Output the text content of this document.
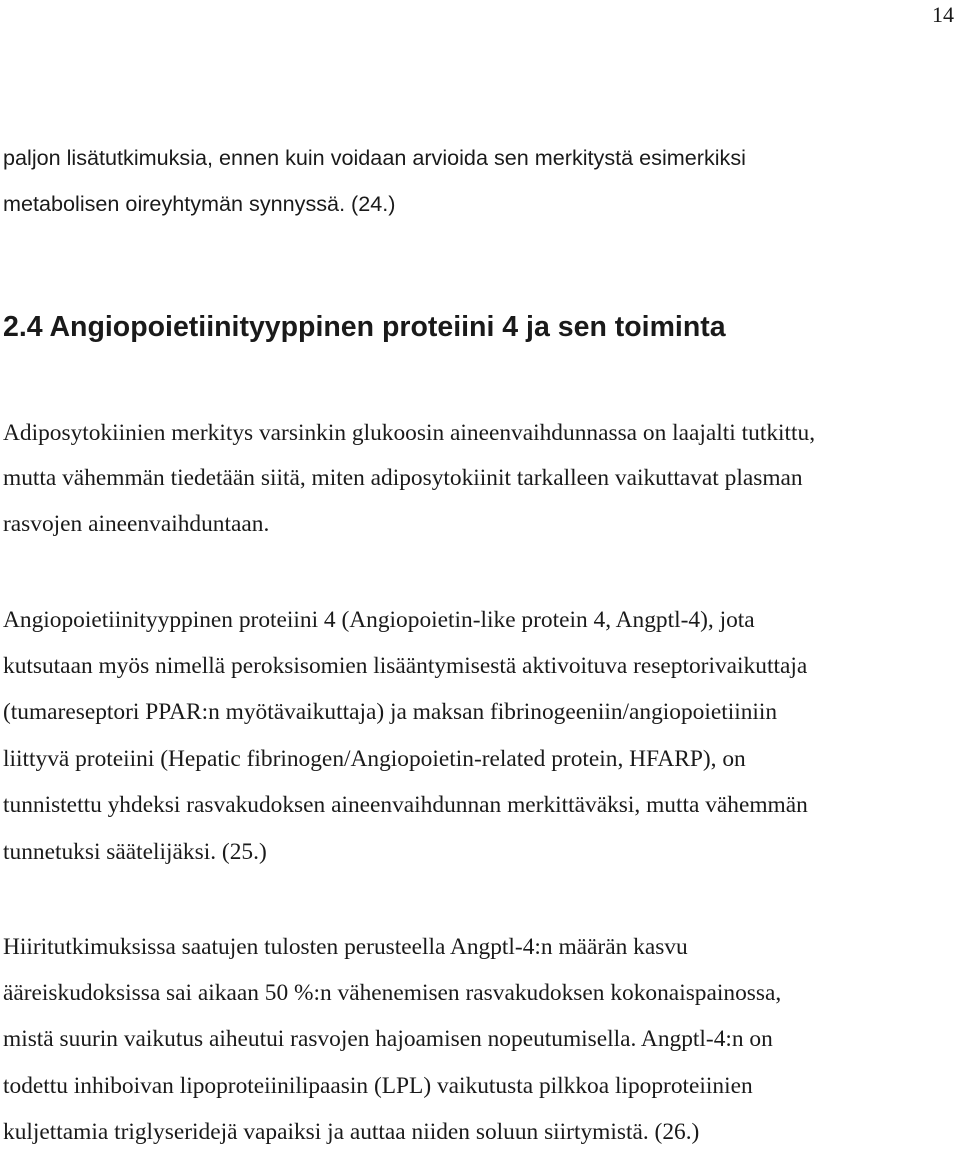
14
paljon lisätutkimuksia, ennen kuin voidaan arvioida sen merkitystä esimerkiksi
metabolisen oireyhtymän synnyssä. (24.)
2.4 Angiopoietiinityyppinen proteiini 4 ja sen toiminta
Adiposytokiinien merkitys varsinkin glukoosin aineenvaihdunnassa on laajalti tutkittu,
mutta vähemmän tiedetään siitä, miten adiposytokiinit tarkalleen vaikuttavat plasman
rasvojen aineenvaihduntaan.
Angiopoietiinityyppinen proteiini 4 (Angiopoietin-like protein 4, Angptl-4), jota
kutsutaan myös nimellä peroksisomien lisääntymisestä aktivoituva reseptorivaikuttaja
(tumareseptori PPAR:n myötävaikuttaja) ja maksan fibrinogeeniin/angiopoietiiniin
liittyvä proteiini (Hepatic fibrinogen/Angiopoietin-related protein, HFARP), on
tunnistettu yhdeksi rasvakudoksen aineenvaihdunnan merkittäväksi, mutta vähemmän
tunnetuksi säätelijäksi. (25.)
Hiiritutkimuksissa saatujen tulosten perusteella Angptl-4:n määrän kasvu
ääreiskudoksissa sai aikaan 50 %:n vähenemisen rasvakudoksen kokonaispainossa,
mistä suurin vaikutus aiheutui rasvojen hajoamisen nopeutumisella. Angptl-4:n on
todettu inhiboivan lipoproteiinilipaasin (LPL) vaikutusta pilkkoa lipoproteiinien
kuljettamia triglyseridejä vapaiksi ja auttaa niiden soluun siirtymistä. (26.)
